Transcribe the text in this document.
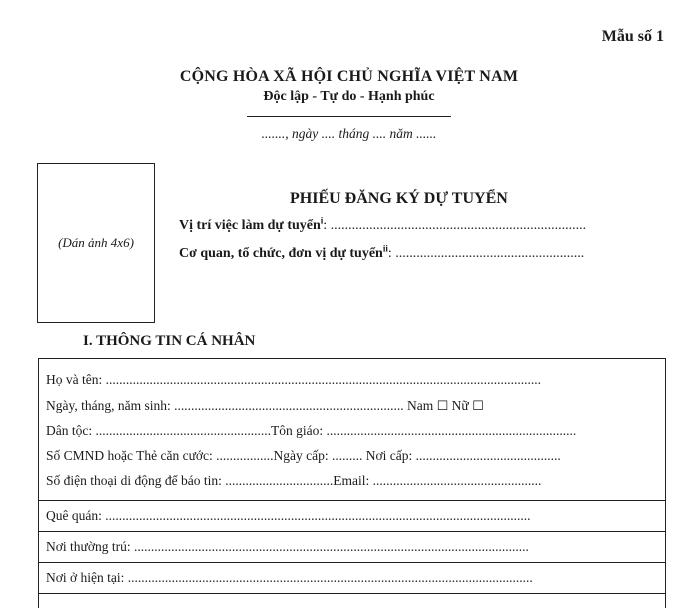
Mẫu số 1
CỘNG HÒA XÃ HỘI CHỦ NGHĨA VIỆT NAM
Độc lập - Tự do - Hạnh phúc
......., ngày .... tháng .... năm ......
(Dán ảnh 4x6)
PHIẾU ĐĂNG KÝ DỰ TUYỂN
Vị trí việc làm dự tuyển$^i$: .........................................................................
Cơ quan, tổ chức, đơn vị dự tuyển$^{ii}$: ......................................................
I. THÔNG TIN CÁ NHÂN
Họ và tên: .................................................................................................................................
Ngày, tháng, năm sinh: .................................................................... Nam ☐ Nữ ☐
Dân tộc: ....................................................Tôn giáo: ..........................................................................
Số CMND hoặc Thẻ căn cước: .................Ngày cấp: ......... Nơi cấp: ...........................................
Số điện thoại di động để báo tin: ................................Email: ..................................................
Quê quán: ..............................................................................................................................
Nơi thường trú: .....................................................................................................................
Nơi ở hiện tại: ........................................................................................................................
